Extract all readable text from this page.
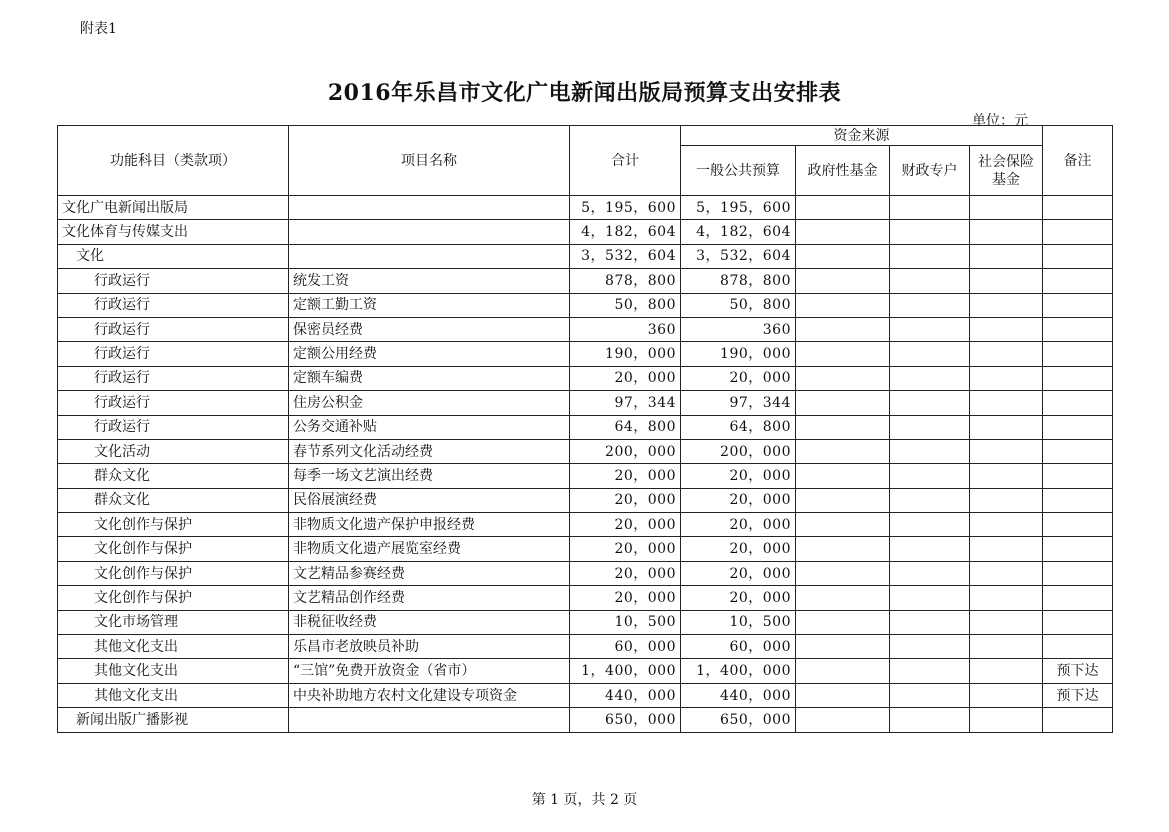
附表1
2016年乐昌市文化广电新闻出版局预算支出安排表
单位：元
功能科目（类款项）	项目名称	合计	资金来源				备注
			一般公共预算	政府性基金	财政专户	社会保险基金	
文化广电新闻出版局		5，195，600	5，195，600				
文化体育与传媒支出		4，182，604	4，182，604				
文化		3，532，604	3，532，604				
行政运行	统发工资	878，800	878，800				
行政运行	定额工勤工资	50，800	50，800				
行政运行	保密员经费	360	360				
行政运行	定额公用经费	190，000	190，000				
行政运行	定额车编费	20，000	20，000				
行政运行	住房公积金	97，344	97，344				
行政运行	公务交通补贴	64，800	64，800				
文化活动	春节系列文化活动经费	200，000	200，000				
群众文化	每季一场文艺演出经费	20，000	20，000				
群众文化	民俗展演经费	20，000	20，000				
文化创作与保护	非物质文化遗产保护申报经费	20，000	20，000				
文化创作与保护	非物质文化遗产展览室经费	20，000	20，000				
文化创作与保护	文艺精品参赛经费	20，000	20，000				
文化创作与保护	文艺精品创作经费	20，000	20，000				
文化市场管理	非税征收经费	10，500	10，500				
其他文化支出	乐昌市老放映员补助	60，000	60，000				
其他文化支出	“三馆”免费开放资金（省市）	1，400，000	1，400，000				预下达
其他文化支出	中央补助地方农村文化建设专项资金	440，000	440，000				预下达
新闻出版广播影视		650，000	650，000				
第 1 页，共 2 页
